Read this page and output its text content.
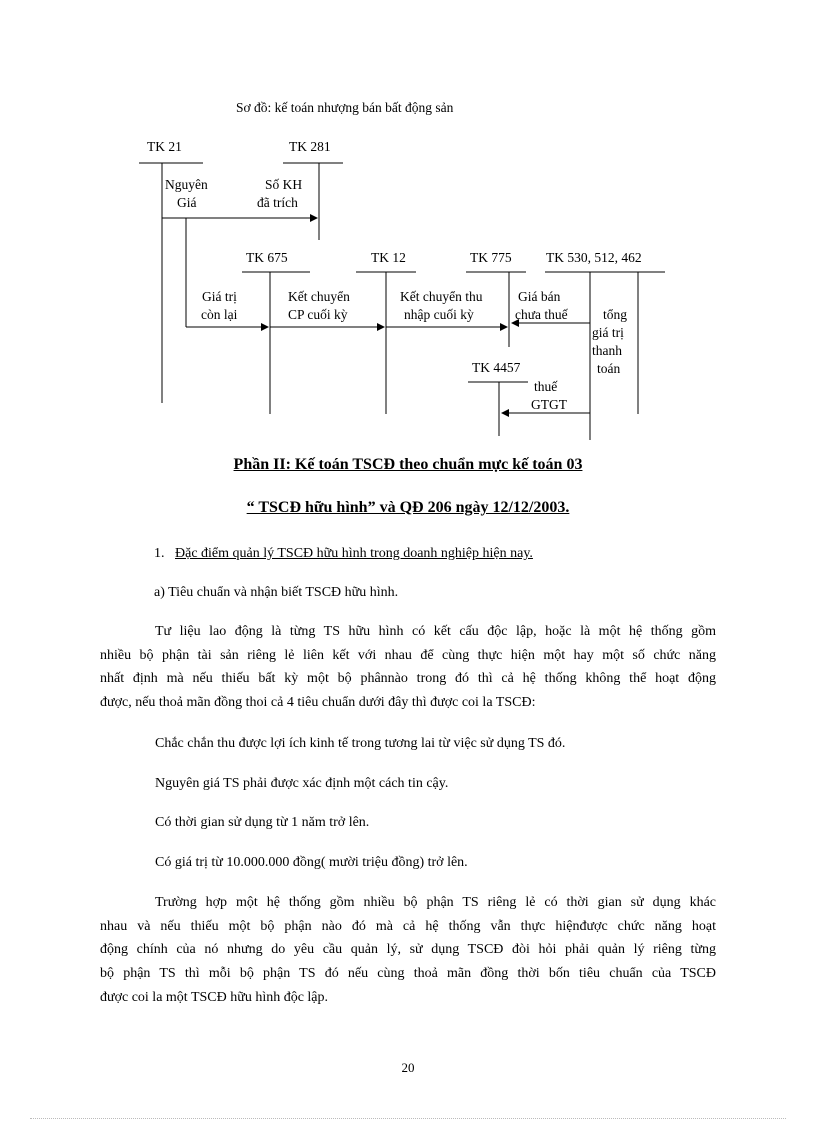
Sơ đồ: kế toán nhượng bán bất động sản
TK 21	TK 281
Nguyên
Giá
Số KH
đã trích
TK 675	TK 12	TK 775	TK 530, 512, 462
Giá trị
còn lại
Kết chuyển
CP cuối kỳ
Kết chuyển thu
nhập cuối kỳ
Giá bán
chưa thuế	tổng
giá trị
thanh
toán
TK 4457
thuế
GTGT
Phần II: Kế toán TSCĐ theo chuẩn mực kế toán 03
“ TSCĐ hữu hình” và QĐ 206 ngày 12/12/2003.
1. Đặc điểm quản lý TSCĐ hữu hình trong doanh nghiệp hiện nay.
a) Tiêu chuẩn và nhận biết TSCĐ hữu hình.
Tư liệu lao động là từng TS hữu hình có kết cấu độc lập, hoặc là một hệ thống gồm
nhiều bộ phận tài sản riêng lẻ liên kết với nhau để cùng thực hiện một hay một số chức năng
nhất định mà nếu thiếu bất kỳ một bộ phânnào trong đó thì cả hệ thống không thể hoạt động
được, nếu thoả mãn đồng thoi cả 4 tiêu chuẩn dưới đây thì được coi la TSCĐ:
Chắc chắn thu được lợi ích kinh tế trong tương lai từ việc sử dụng TS đó.
Nguyên giá TS phải được xác định một cách tin cậy.
Có thời gian sử dụng từ 1 năm trở lên.
Có giá trị từ 10.000.000 đồng( mười triệu đồng) trở lên.
Trường hợp một hệ thống gồm nhiều bộ phận TS riêng lẻ có thời gian sử dụng khác
nhau và nếu thiếu một bộ phận nào đó mà cả hệ thống vẫn thực hiệnđược chức năng hoạt
động chính của nó nhưng do yêu cầu quản lý, sử dụng TSCĐ đòi hỏi phải quản lý riêng từng
bộ phận TS thì mỗi bộ phận TS đó nếu cùng thoả mãn đồng thời bốn tiêu chuẩn của TSCĐ
được coi la một TSCĐ hữu hình độc lập.
20
